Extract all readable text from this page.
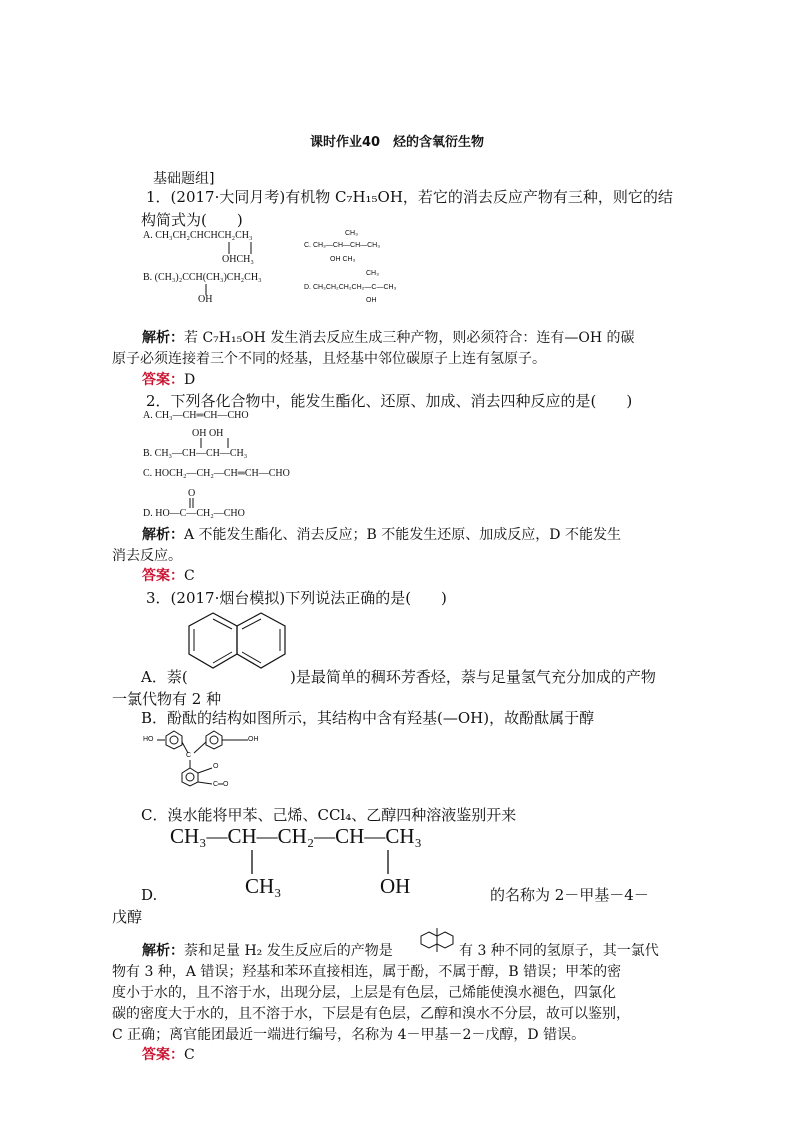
课时作业40　烃的含氧衍生物
基础题组]
1．(2017·大同月考)有机物 C₇H₁₅OH，若它的消去反应产物有三种，则它的结
构简式为(　　)
A. CH₃CH₂CHCHCH₂CH₃
OHCH₃
B. (CH₃)₂CCH(CH₃)CH₂CH₃
OH
CH₃
C. CH₃—CH—CH—CH₃
OH CH₃
CH₃
D. CH₃CH₂CH₂CH₂—C—CH₃
OH
解析：若 C₇H₁₅OH 发生消去反应生成三种产物，则必须符合：连有—OH 的碳
原子必须连接着三个不同的烃基，且烃基中邻位碳原子上连有氢原子。
答案：D
2．下列各化合物中，能发生酯化、还原、加成、消去四种反应的是(　　)
A. CH₃—CH═CH—CHO
OH OH
B. CH₃—CH—CH—CH₃
C. HOCH₂—CH₂—CH═CH—CHO
O
D. HO—C—CH₂—CHO
解析：A 不能发生酯化、消去反应；B 不能发生还原、加成反应，D 不能发生
消去反应。
答案：C
3．(2017·烟台模拟)下列说法正确的是(　　)
A．萘(	)是最简单的稠环芳香烃，萘与足量氢气充分加成的产物
一氯代物有 2 种
B．酚酞的结构如图所示，其结构中含有羟基(—OH)，故酚酞属于醇
HO	OH
C
O
C═O
C．溴水能将甲苯、己烯、CCl₄、乙醇四种溶液鉴别开来
CH₃—CH—CH₂—CH—CH₃
CH₃	OH
D.	的名称为 2－甲基－4－
戊醇
解析：萘和足量 H₂ 发生反应后的产物是	有 3 种不同的氢原子，其一氯代
物有 3 种，A 错误；羟基和苯环直接相连，属于酚，不属于醇，B 错误；甲苯的密
度小于水的，且不溶于水，出现分层，上层是有色层，己烯能使溴水褪色，四氯化
碳的密度大于水的，且不溶于水，下层是有色层，乙醇和溴水不分层，故可以鉴别，
C 正确；离官能团最近一端进行编号，名称为 4－甲基－2－戊醇，D 错误。
答案：C
